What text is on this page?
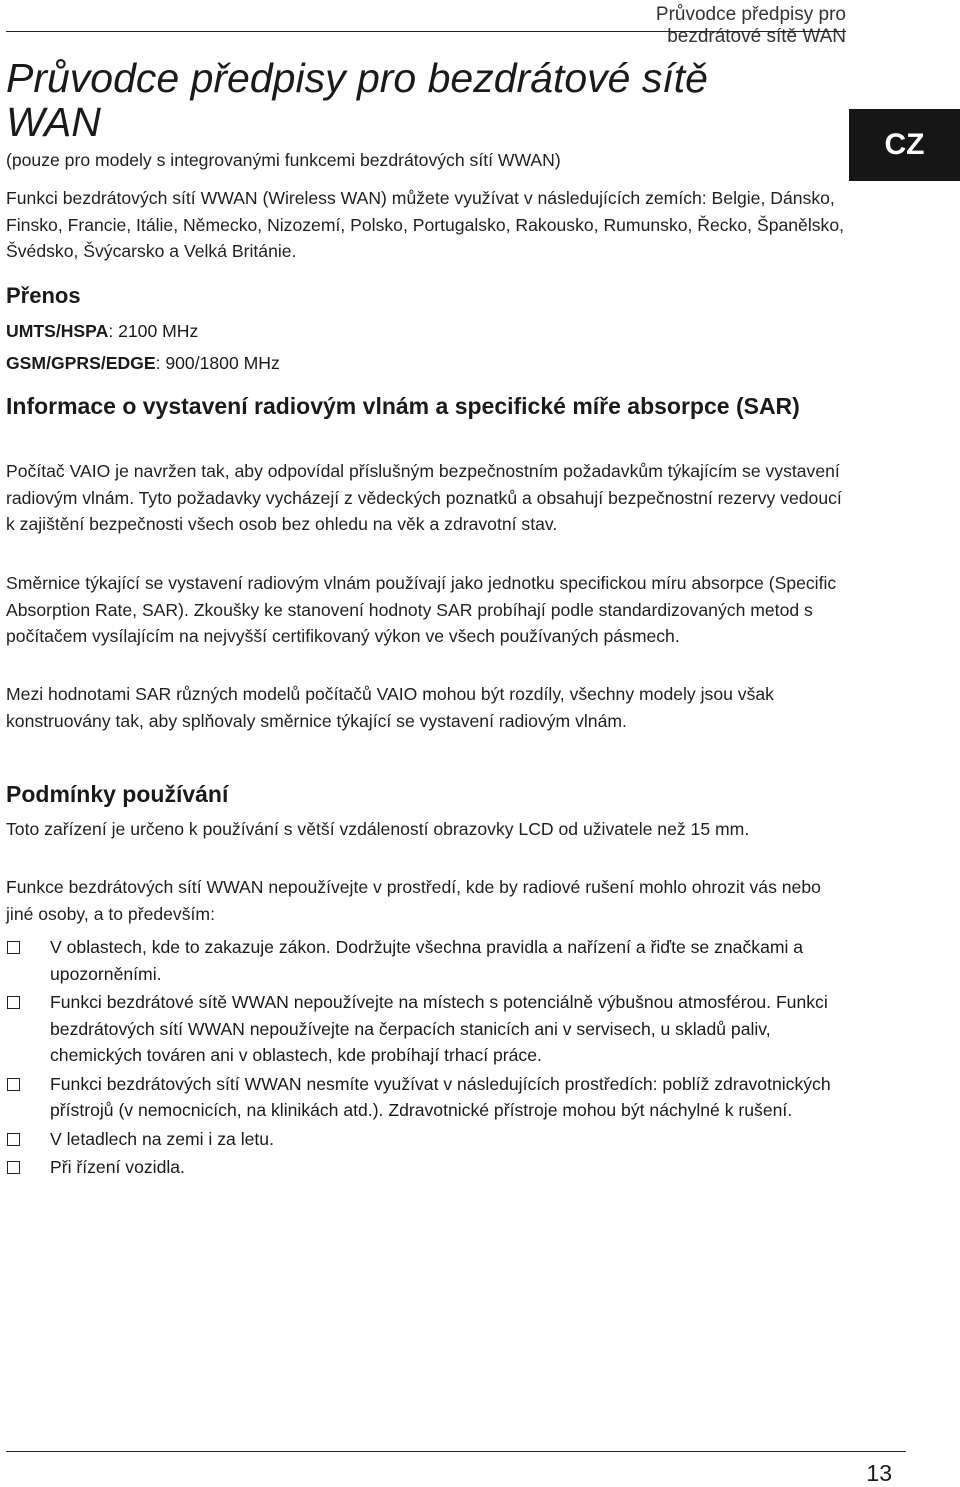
Průvodce předpisy pro bezdrátové sítě WAN
Průvodce předpisy pro bezdrátové sítě
WAN	CZ

(pouze pro modely s integrovanými funkcemi bezdrátových sítí WWAN)

Funkci bezdrátových sítí WWAN (Wireless WAN) můžete využívat v následujících zemích: Belgie, Dánsko, Finsko, Francie, Itálie, Německo, Nizozemí, Polsko, Portugalsko, Rakousko, Rumunsko, Řecko, Španělsko, Švédsko, Švýcarsko a Velká Británie.

Přenos

UMTS/HSPA: 2100 MHz

GSM/GPRS/EDGE: 900/1800 MHz

Informace o vystavení radiovým vlnám a specifické míře absorpce (SAR)

Počítač VAIO je navržen tak, aby odpovídal příslušným bezpečnostním požadavkům týkajícím se vystavení radiovým vlnám. Tyto požadavky vycházejí z vědeckých poznatků a obsahují bezpečnostní rezervy vedoucí k zajištění bezpečnosti všech osob bez ohledu na věk a zdravotní stav.

Směrnice týkající se vystavení radiovým vlnám používají jako jednotku specifickou míru absorpce (Specific Absorption Rate, SAR). Zkoušky ke stanovení hodnoty SAR probíhají podle standardizovaných metod s počítačem vysílajícím na nejvyšší certifikovaný výkon ve všech používaných pásmech.

Mezi hodnotami SAR různých modelů počítačů VAIO mohou být rozdíly, všechny modely jsou však konstruovány tak, aby splňovaly směrnice týkající se vystavení radiovým vlnám.

Podmínky používání

Toto zařízení je určeno k používání s větší vzdáleností obrazovky LCD od uživatele než 15 mm.

Funkce bezdrátových sítí WWAN nepoužívejte v prostředí, kde by radiové rušení mohlo ohrozit vás nebo jiné osoby, a to především:

V oblastech, kde to zakazuje zákon. Dodržujte všechna pravidla a nařízení a řiďte se značkami a upozorněními.
Funkci bezdrátové sítě WWAN nepoužívejte na místech s potenciálně výbušnou atmosférou. Funkci bezdrátových sítí WWAN nepoužívejte na čerpacích stanicích ani v servisech, u skladů paliv, chemických továren ani v oblastech, kde probíhají trhací práce.
Funkci bezdrátových sítí WWAN nesmíte využívat v následujících prostředích: poblíž zdravotnických přístrojů (v nemocnicích, na klinikách atd.). Zdravotnické přístroje mohou být náchylné k rušení.
V letadlech na zemi i za letu.
Při řízení vozidla.
13
